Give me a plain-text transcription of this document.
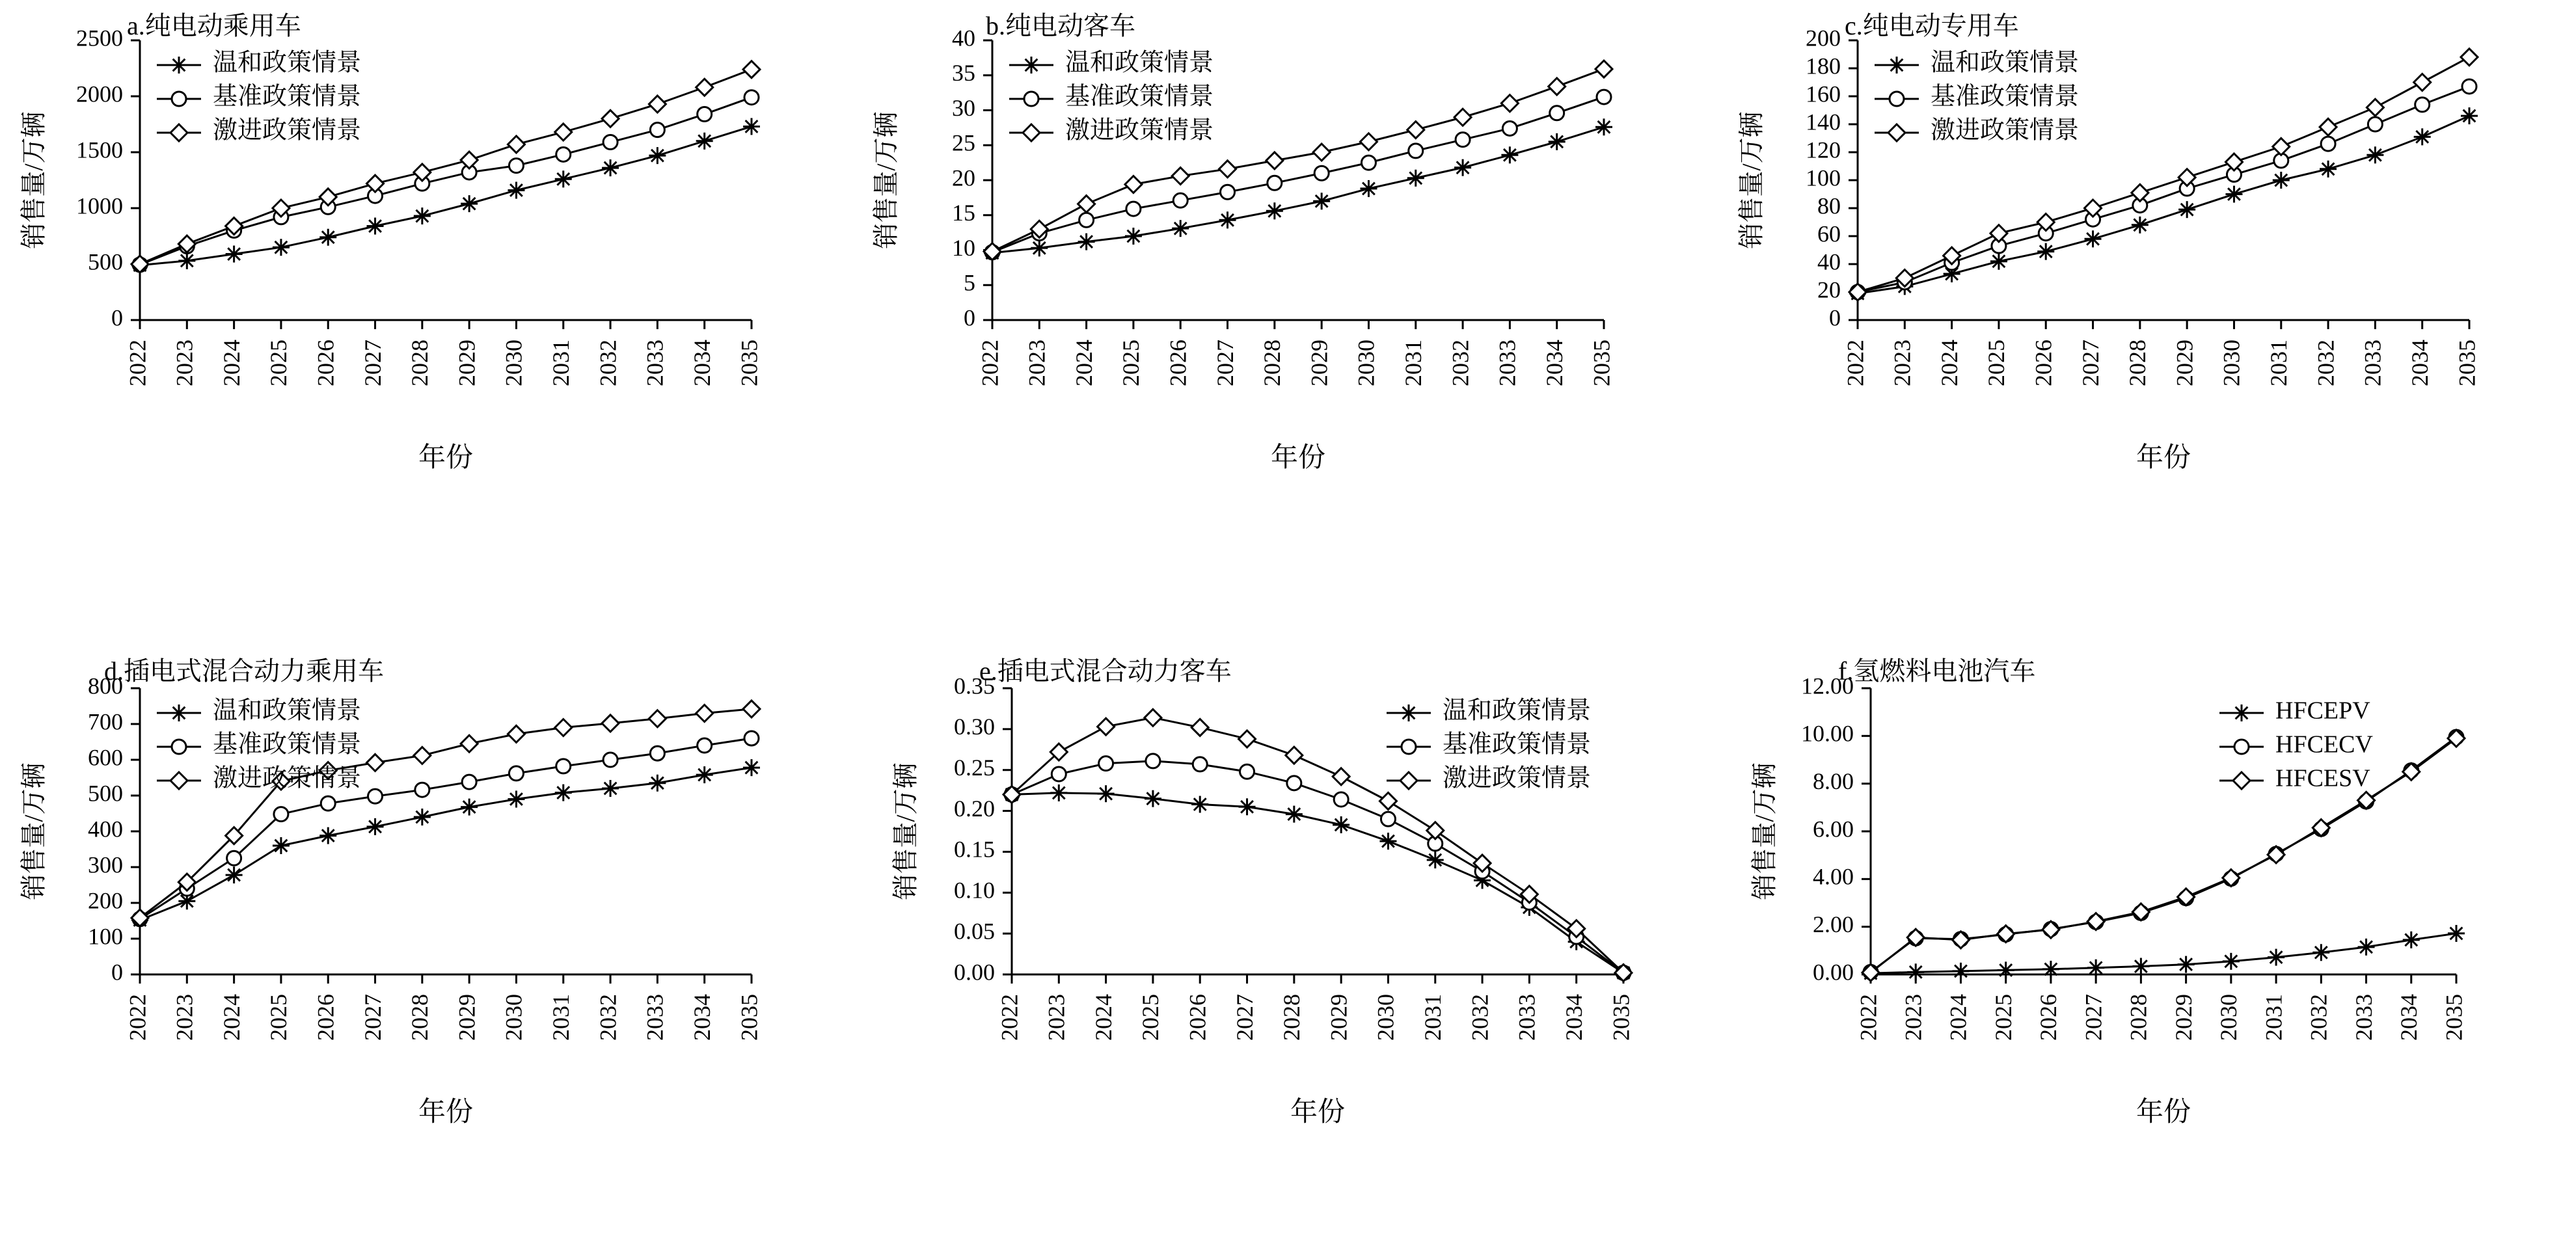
a.纯电动乘用车
0
500
1000
1500
2000
2500
2022 2023 2024 2025 2026 2027 2028 2029 2030 2031 2032 2033 2034 2035
销售量/万辆
年份
温和政策情景
基准政策情景
激进政策情景
b.纯电动客车
0
5
10
15
20
25
30
35
40
2022 2023 2024 2025 2026 2027 2028 2029 2030 2031 2032 2033 2034 2035
销售量/万辆
年份
温和政策情景
基准政策情景
激进政策情景
c.纯电动专用车
0
20
40
60
80
100
120
140
160
180
200
2022 2023 2024 2025 2026 2027 2028 2029 2030 2031 2032 2033 2034 2035
销售量/万辆
年份
温和政策情景
基准政策情景
激进政策情景
d.插电式混合动力乘用车
0
100
200
300
400
500
600
700
800
2022 2023 2024 2025 2026 2027 2028 2029 2030 2031 2032 2033 2034 2035
销售量/万辆
年份
温和政策情景
基准政策情景
激进政策情景
e.插电式混合动力客车
0.00
0.05
0.10
0.15
0.20
0.25
0.30
0.35
2022 2023 2024 2025 2026 2027 2028 2029 2030 2031 2032 2033 2034 2035
销售量/万辆
年份
温和政策情景
基准政策情景
激进政策情景
f.氢燃料电池汽车
0.00
2.00
4.00
6.00
8.00
10.00
12.00
2022 2023 2024 2025 2026 2027 2028 2029 2030 2031 2032 2033 2034 2035
销售量/万辆
年份
HFCEPV
HFCECV
HFCESV
